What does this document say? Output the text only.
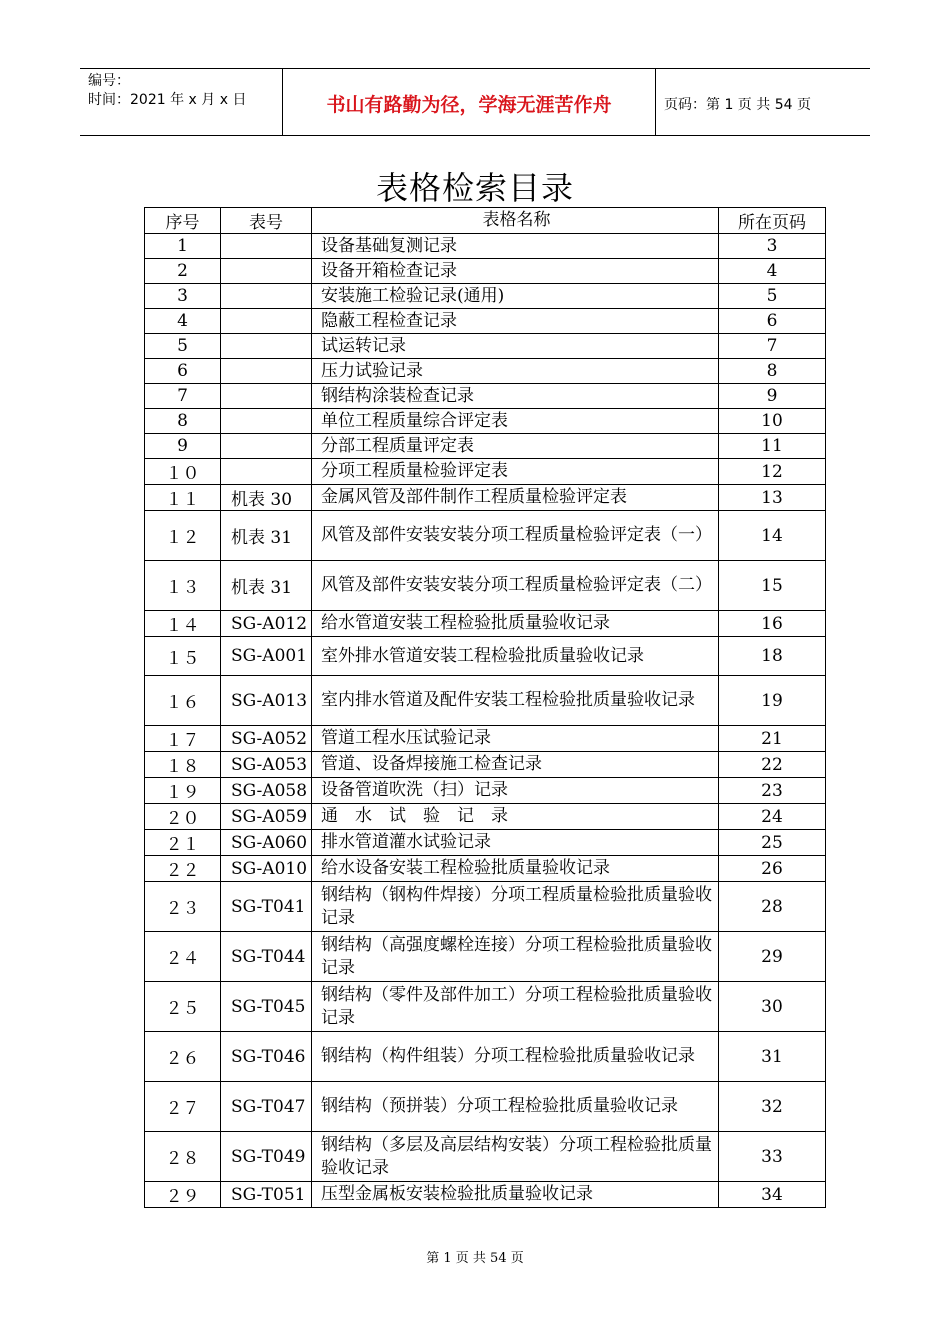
编号：
时间：2021 年 x 月 x 日	书山有路勤为径，学海无涯苦作舟	页码：第 1 页 共 54 页
表格检索目录
序号	表号	表格名称	所在页码
1		设备基础复测记录	3
2		设备开箱检查记录	4
3		安装施工检验记录(通用)	5
4		隐蔽工程检查记录	6
5		试运转记录	7
6		压力试验记录	8
7		钢结构涂装检查记录	9
8		单位工程质量综合评定表	10
9		分部工程质量评定表	11
１０		分项工程质量检验评定表	12
１１	机表 30	金属风管及部件制作工程质量检验评定表	13
１２	机表 31	风管及部件安装安装分项工程质量检验评定表（一）	14
１３	机表 31	风管及部件安装安装分项工程质量检验评定表（二）	15
１４	SG-A012	给水管道安装工程检验批质量验收记录	16
１５	SG-A001	室外排水管道安装工程检验批质量验收记录	18
１６	SG-A013	室内排水管道及配件安装工程检验批质量验收记录	19
１７	SG-A052	管道工程水压试验记录	21
１８	SG-A053	管道、设备焊接施工检查记录	22
１９	SG-A058	设备管道吹洗（扫）记录	23
２０	SG-A059	通　水　试　验　记　录	24
２１	SG-A060	排水管道灌水试验记录	25
２２	SG-A010	给水设备安装工程检验批质量验收记录	26
２３	SG-T041	钢结构（钢构件焊接）分项工程质量检验批质量验收记录	28
２４	SG-T044	钢结构（高强度螺栓连接）分项工程检验批质量验收记录	29
２５	SG-T045	钢结构（零件及部件加工）分项工程检验批质量验收记录	30
２６	SG-T046	钢结构（构件组装）分项工程检验批质量验收记录	31
２７	SG-T047	钢结构（预拼装）分项工程检验批质量验收记录	32
２８	SG-T049	钢结构（多层及高层结构安装）分项工程检验批质量验收记录	33
２９	SG-T051	压型金属板安装检验批质量验收记录	34
第 1 页 共 54 页
